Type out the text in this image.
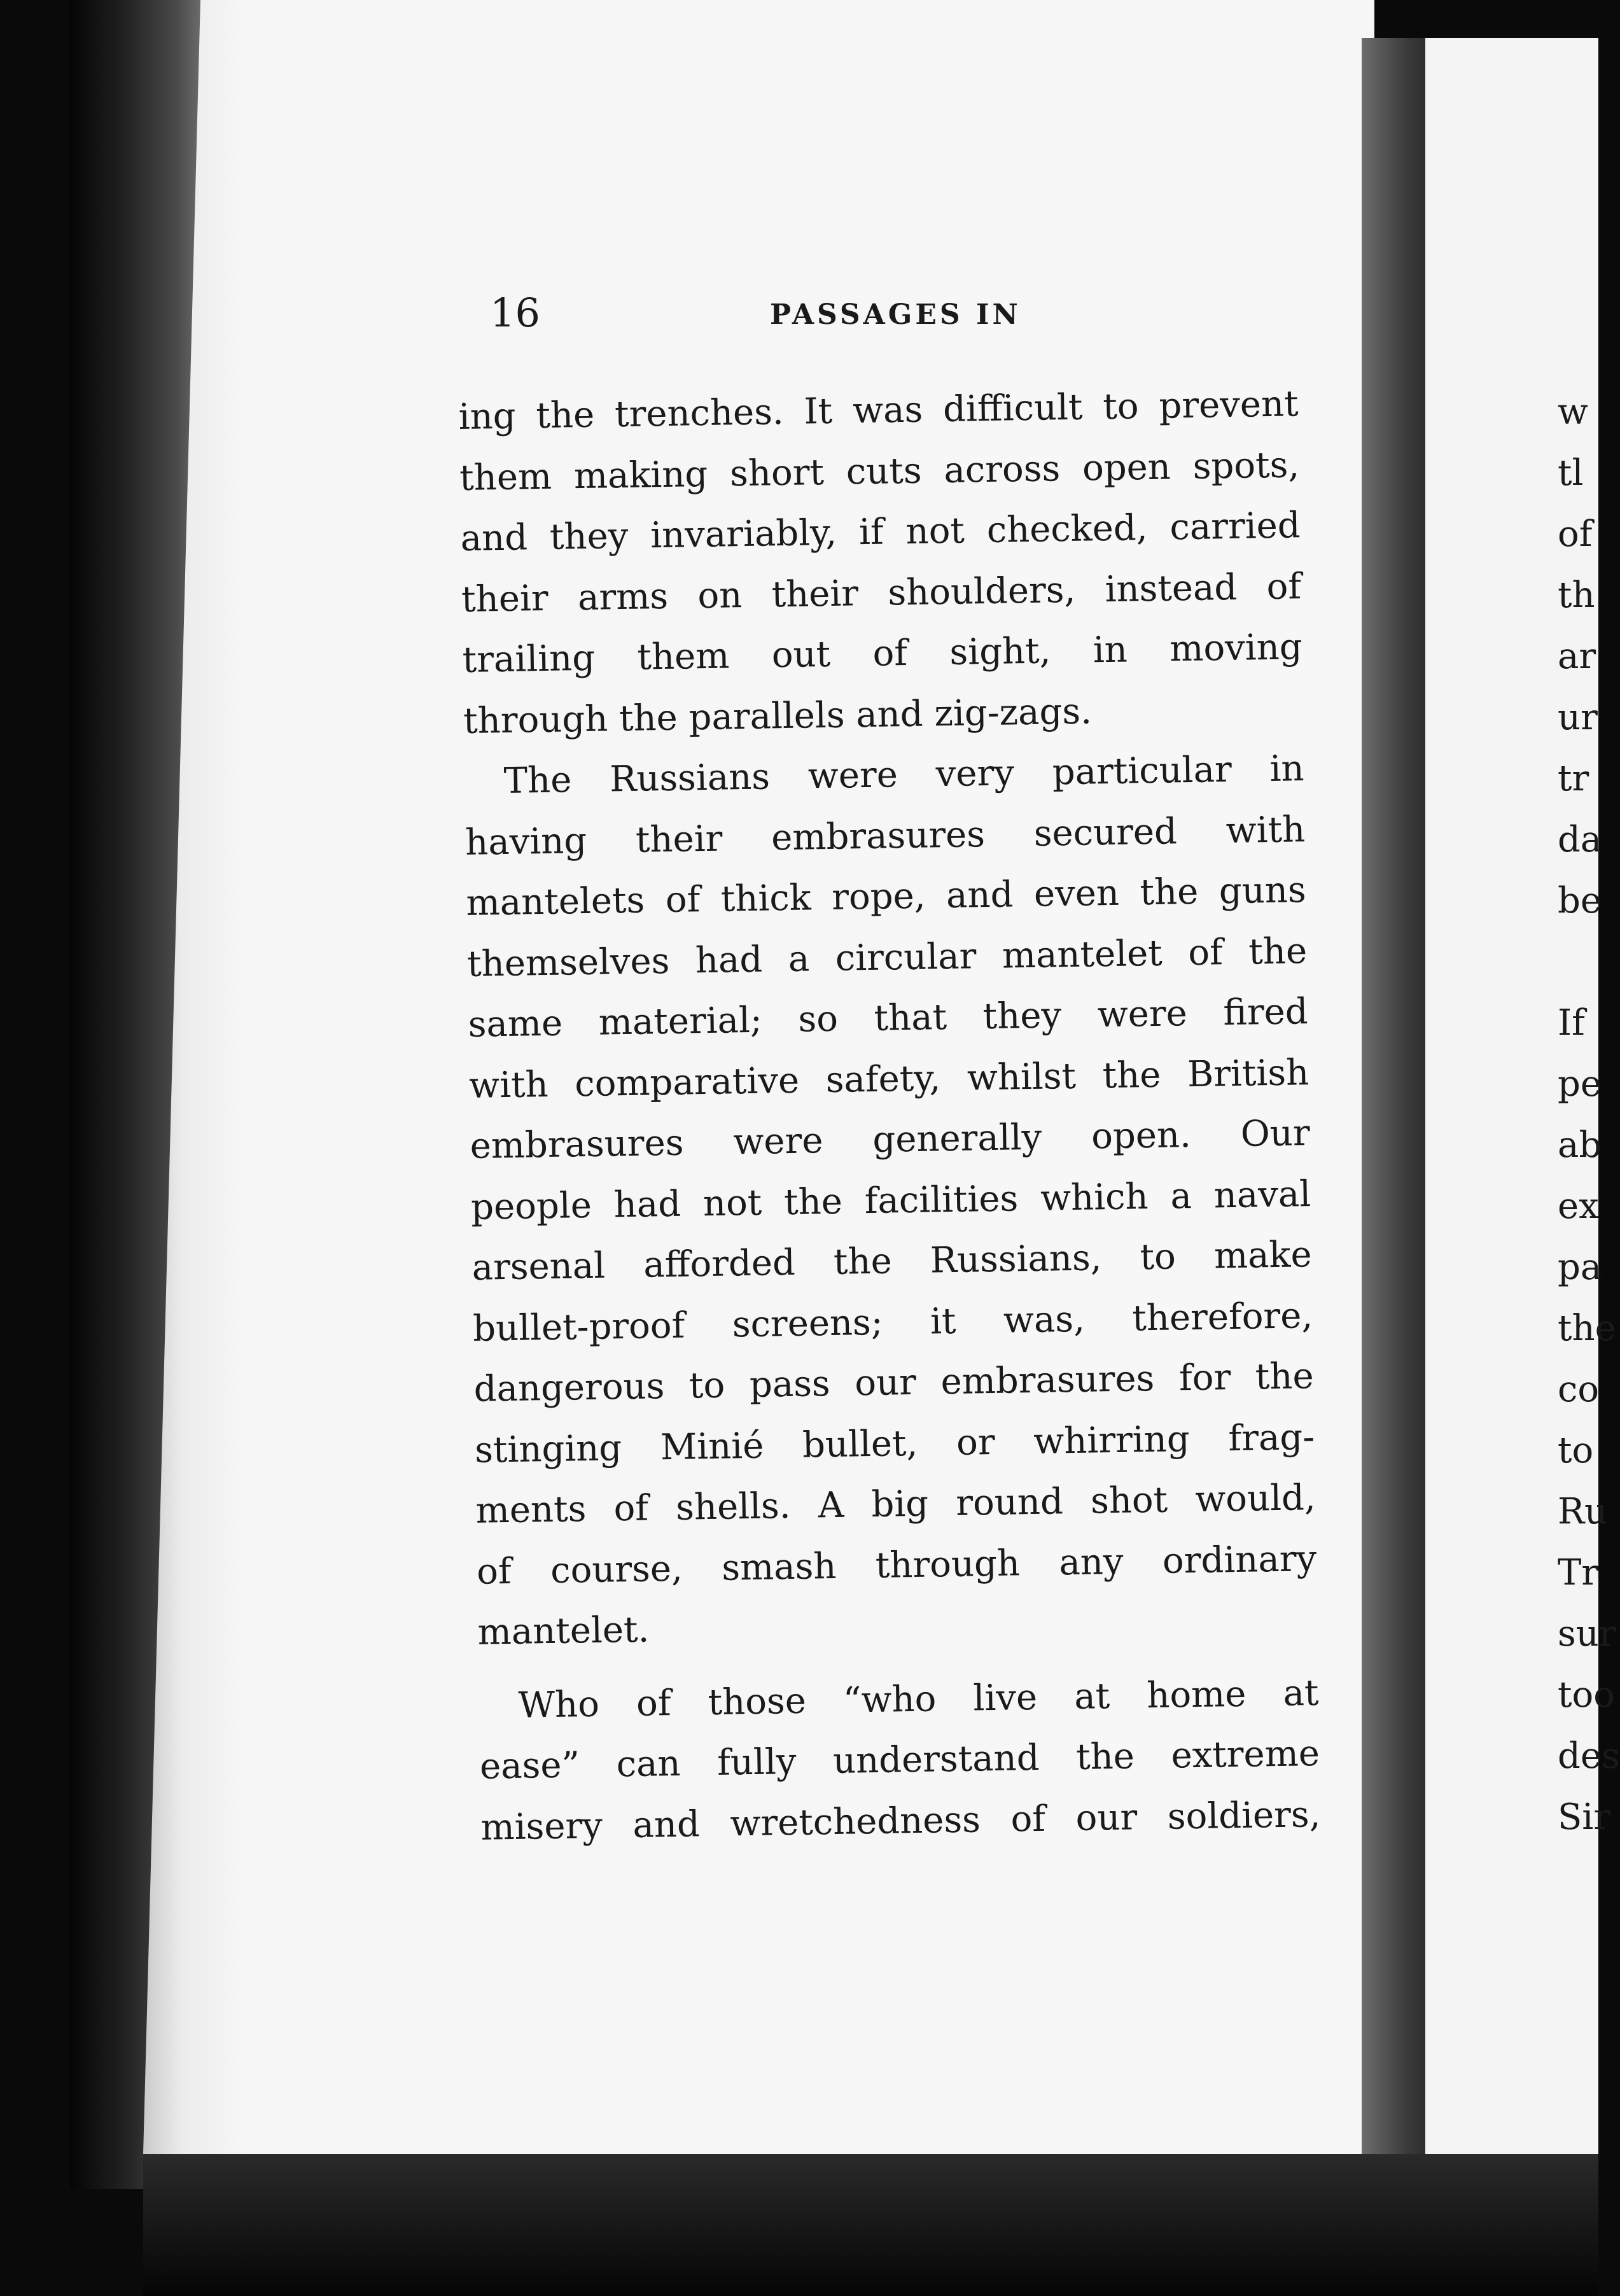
16	PASSAGES IN
ing the trenches. It was difficult to prevent
them making short cuts across open spots,
and they invariably, if not checked, carried
their arms on their shoulders, instead of
trailing them out of sight, in moving
through the parallels and zig-zags.
The Russians were very particular in
having their embrasures secured with
mantelets of thick rope, and even the guns
themselves had a circular mantelet of the
same material; so that they were fired
with comparative safety, whilst the British
embrasures were generally open. Our
people had not the facilities which a naval
arsenal afforded the Russians, to make
bullet-proof screens; it was, therefore,
dangerous to pass our embrasures for the
stinging Minié bullet, or whirring frag-
ments of shells. A big round shot would,
of course, smash through any ordinary
mantelet.
Who of those “who live at home at
ease” can fully understand the extreme
misery and wretchedness of our soldiers,
w
tl
of
th
ar
ur
tr
da
be
If
pe
ab
ex
pa
the
co
to
Ru
Tr
sur
too
des
Sir
